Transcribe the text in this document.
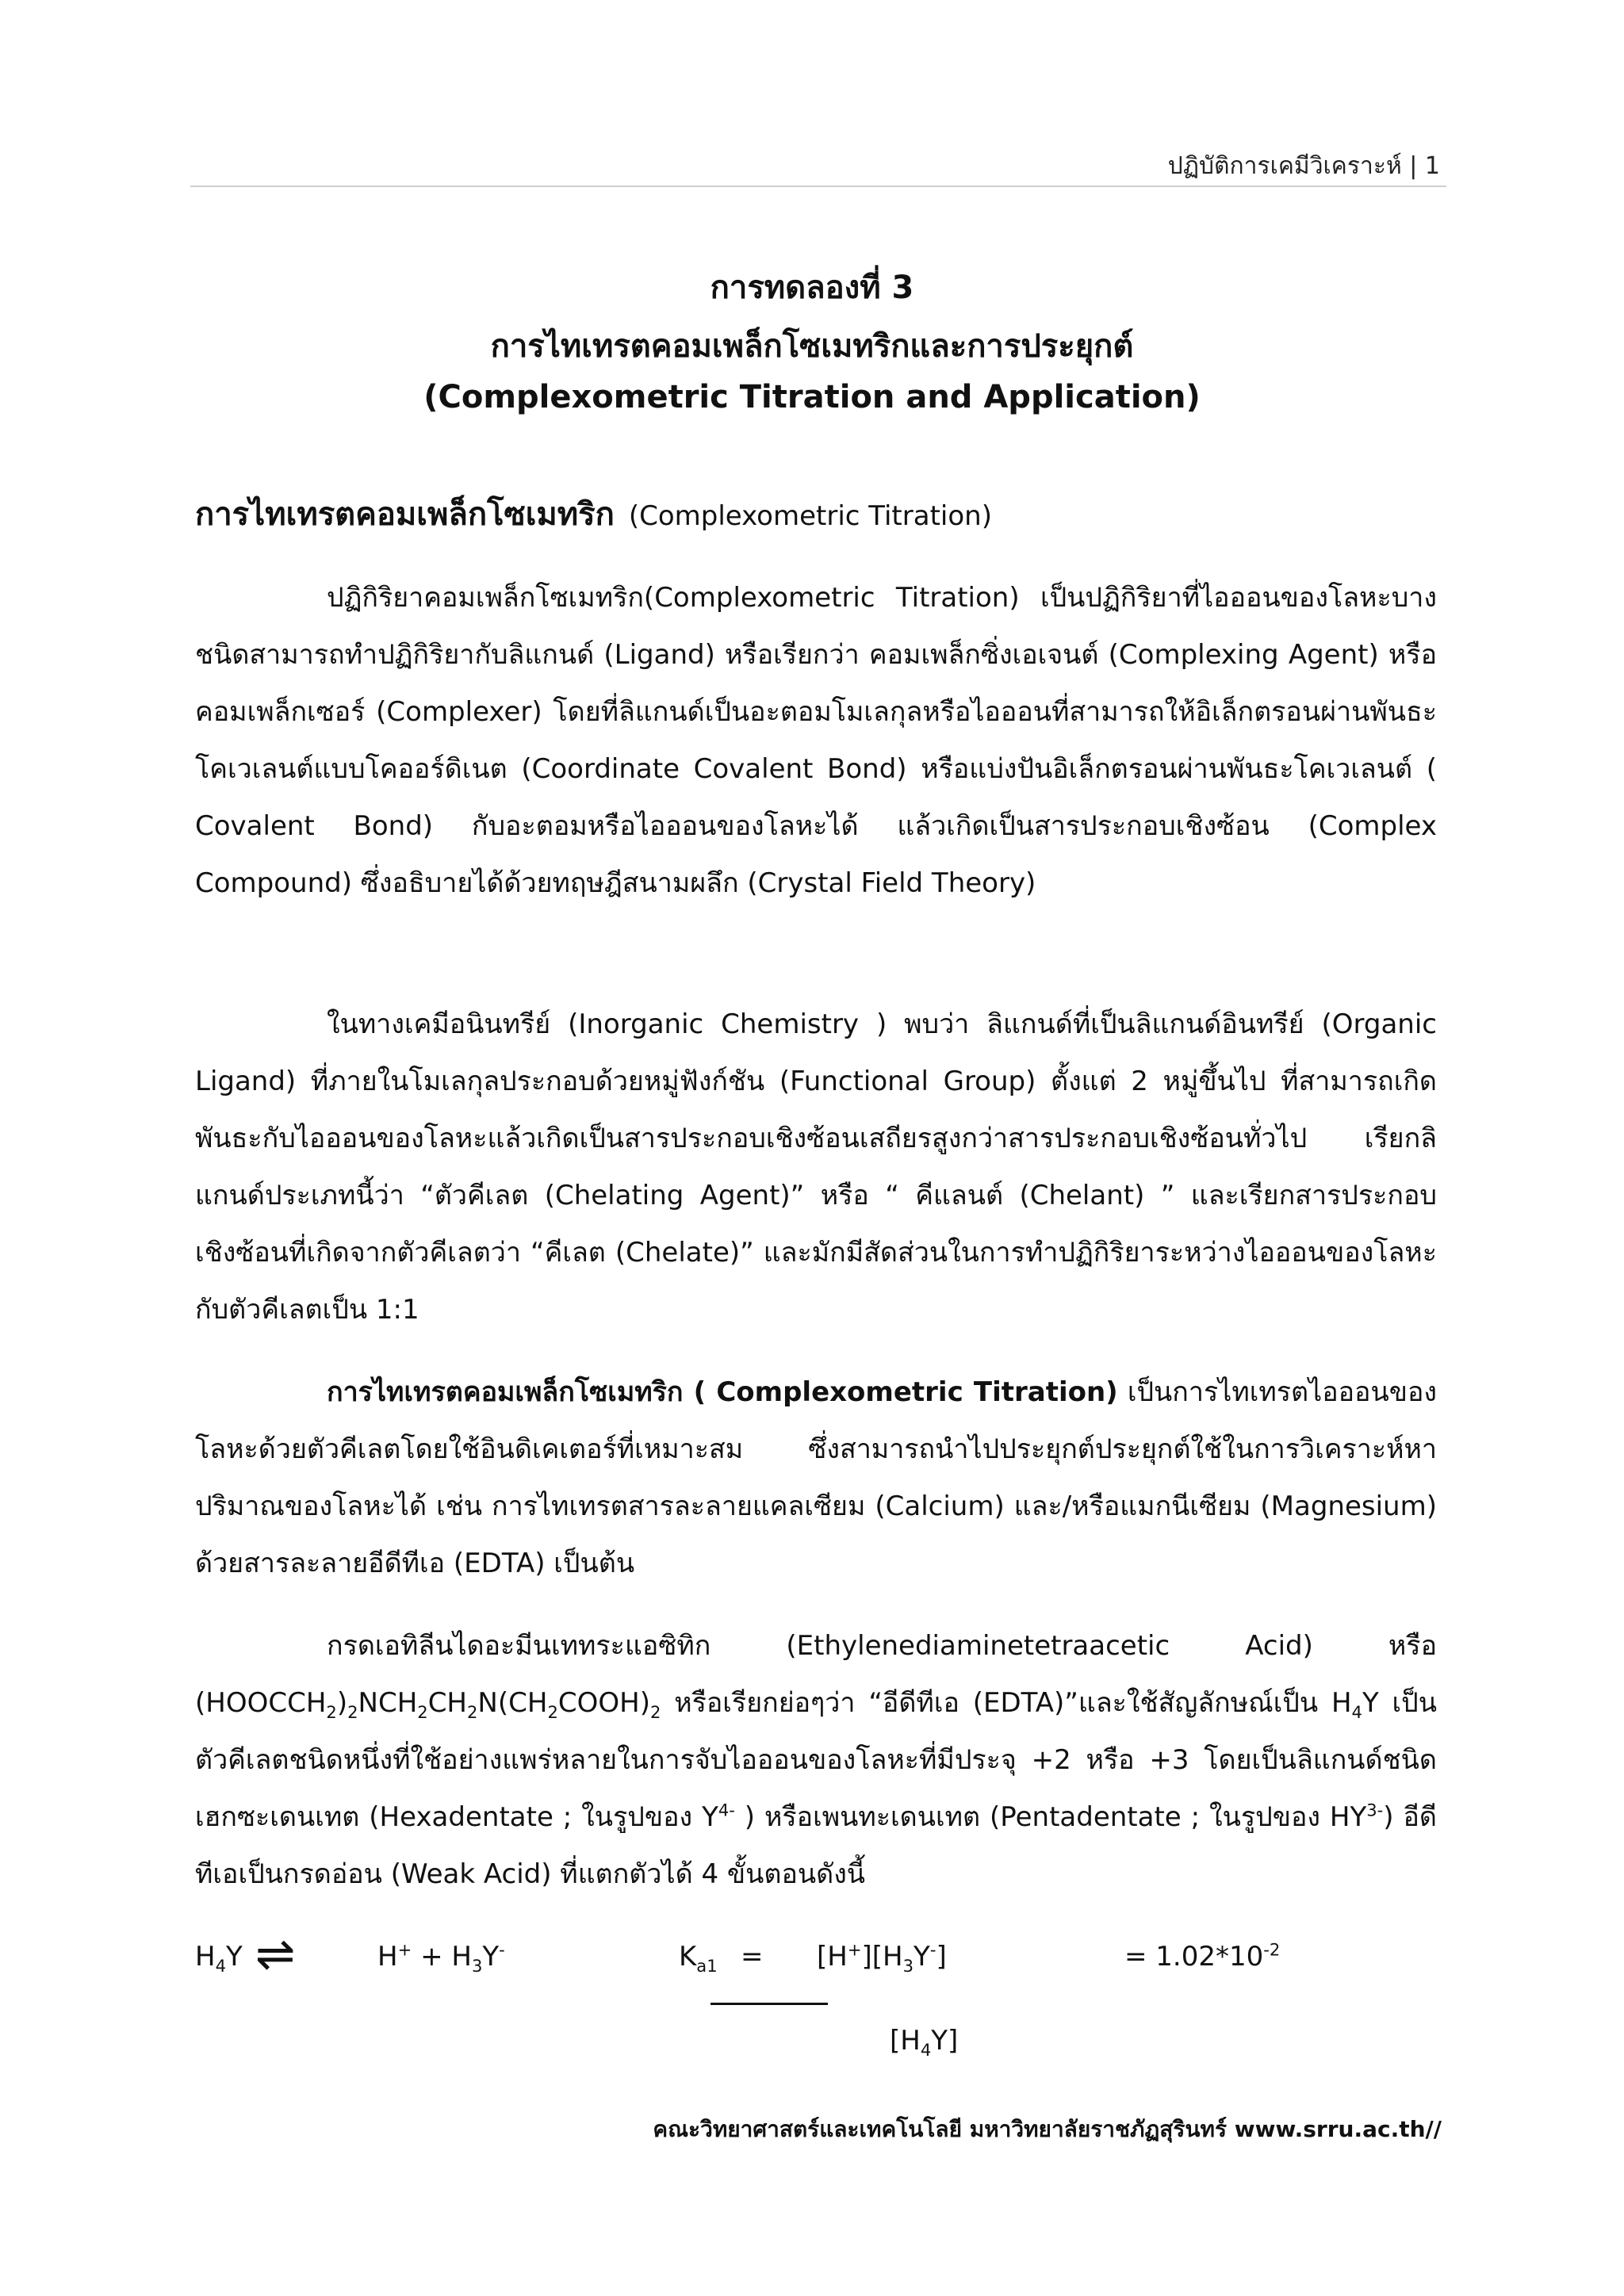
ปฏิบัติการเคมีวิเคราะห์ | 1
การทดลองที่ 3
การไทเทรตคอมเพล็กโซเมทริกและการประยุกต์
(Complexometric Titration and Application)
การไทเทรตคอมเพล็กโซเมทริก (Complexometric Titration)
ปฏิกิริยาคอมเพล็กโซเมทริก(Complexometric Titration) เป็นปฏิกิริยาที่ไอออนของโลหะบางชนิดสามารถทำปฏิกิริยากับลิแกนด์ (Ligand) หรือเรียกว่า คอมเพล็กซิ่งเอเจนต์ (Complexing Agent) หรือคอมเพล็กเซอร์ (Complexer) โดยที่ลิแกนด์เป็นอะตอมโมเลกุลหรือไอออนที่สามารถให้อิเล็กตรอนผ่านพันธะโคเวเลนต์แบบโคออร์ดิเนต (Coordinate Covalent Bond) หรือแบ่งปันอิเล็กตรอนผ่านพันธะโคเวเลนต์ ( Covalent Bond) กับอะตอมหรือไอออนของโลหะได้ แล้วเกิดเป็นสารประกอบเชิงซ้อน (Complex Compound) ซึ่งอธิบายได้ด้วยทฤษฎีสนามผลึก (Crystal Field Theory)
ในทางเคมีอนินทรีย์ (Inorganic Chemistry ) พบว่า ลิแกนด์ที่เป็นลิแกนด์อินทรีย์ (Organic Ligand) ที่ภายในโมเลกุลประกอบด้วยหมู่ฟังก์ชัน (Functional Group) ตั้งแต่ 2 หมู่ขึ้นไป ที่สามารถเกิดพันธะกับไอออนของโลหะแล้วเกิดเป็นสารประกอบเชิงซ้อนเสถียรสูงกว่าสารประกอบเชิงซ้อนทั่วไป เรียกลิแกนด์ประเภทนี้ว่า “ตัวคีเลต (Chelating Agent)” หรือ “ คีแลนต์ (Chelant) ” และเรียกสารประกอบเชิงซ้อนที่เกิดจากตัวคีเลตว่า “คีเลต (Chelate)” และมักมีสัดส่วนในการทำปฏิกิริยาระหว่างไอออนของโลหะกับตัวคีเลตเป็น 1:1
การไทเทรตคอมเพล็กโซเมทริก ( Complexometric Titration) เป็นการไทเทรตไอออนของโลหะด้วยตัวคีเลตโดยใช้อินดิเคเตอร์ที่เหมาะสม ซึ่งสามารถนำไปประยุกต์ประยุกต์ใช้ในการวิเคราะห์หาปริมาณของโลหะได้ เช่น การไทเทรตสารละลายแคลเซียม (Calcium) และ/หรือแมกนีเซียม (Magnesium) ด้วยสารละลายอีดีทีเอ (EDTA) เป็นต้น
กรดเอทิลีนไดอะมีนเททระแอซิทิก (Ethylenediaminetetraacetic Acid) หรือ $(HOOCCH_2)_2NCH_2CH_2N(CH_2COOH)_2$ หรือเรียกย่อๆว่า “อีดีทีเอ (EDTA)”และใช้สัญลักษณ์เป็น $H_4Y$ เป็นตัวคีเลตชนิดหนึ่งที่ใช้อย่างแพร่หลายในการจับไอออนของโลหะที่มีประจุ +2 หรือ +3 โดยเป็นลิแกนด์ชนิดเฮกซะเดนเทต (Hexadentate ; ในรูปของ $Y^{4-}$ ) หรือเพนทะเดนเทต (Pentadentate ; ในรูปของ $HY^{3-}$) อีดีทีเอเป็นกรดอ่อน (Weak Acid) ที่แตกตัวได้ 4 ขั้นตอนดังนี้
$H_4Y$ ⇌	$H^+ + H_3Y^-$	$K_{a1} = [H^+][H_3Y^-]$	= $1.02*10^{-2}$
$[H_4Y]$
คณะวิทยาศาสตร์และเทคโนโลยี มหาวิทยาลัยราชภัฏสุรินทร์ www.srru.ac.th//
